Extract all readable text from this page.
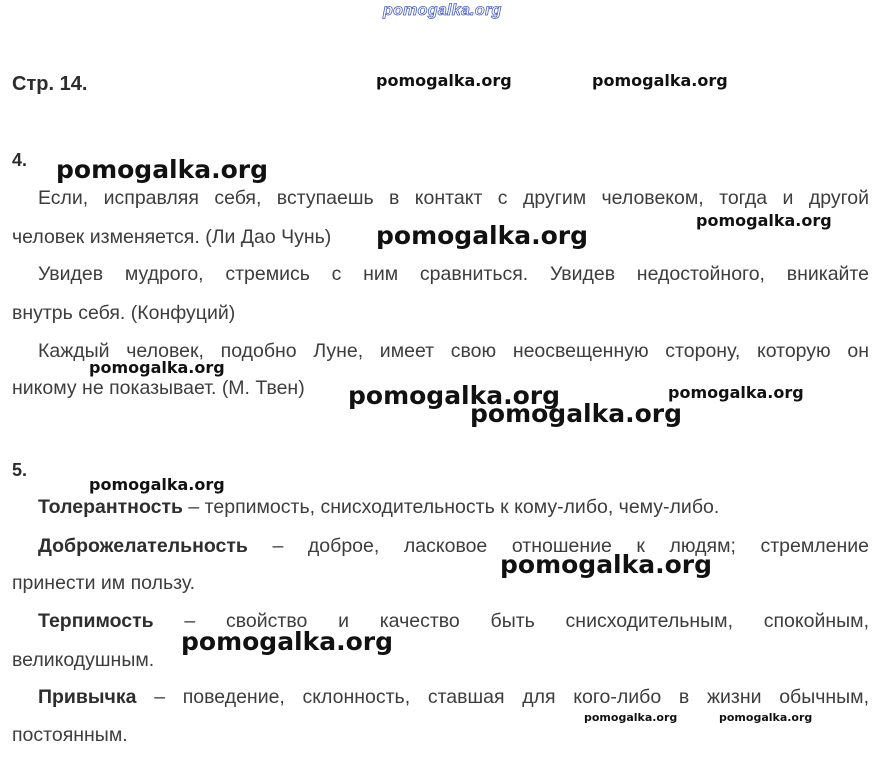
pomogalka.org
Стр. 14.
4.
Если, исправляя себя, вступаешь в контакт с другим человеком, тогда и другой
человек изменяется. (Ли Дао Чунь)
Увидев мудрого, стремись с ним сравниться. Увидев недостойного, вникайте
внутрь себя. (Конфуций)
Каждый человек, подобно Луне, имеет свою неосвещенную сторону, которую он
никому не показывает. (М. Твен)
5.
Толерантность – терпимость, снисходительность к кому-либо, чему-либо.
Доброжелательность – доброе, ласковое отношение к людям; стремление
принести им пользу.
Терпимость – свойство и качество быть снисходительным, спокойным,
великодушным.
Привычка – поведение, склонность, ставшая для кого-либо в жизни обычным,
постоянным.
pomogalka.org	pomogalka.org
pomogalka.org
pomogalka.org
pomogalka.org
pomogalka.org
pomogalka.org	pomogalka.org
pomogalka.org
pomogalka.org
pomogalka.org
pomogalka.org
pomogalka.org	pomogalka.org
